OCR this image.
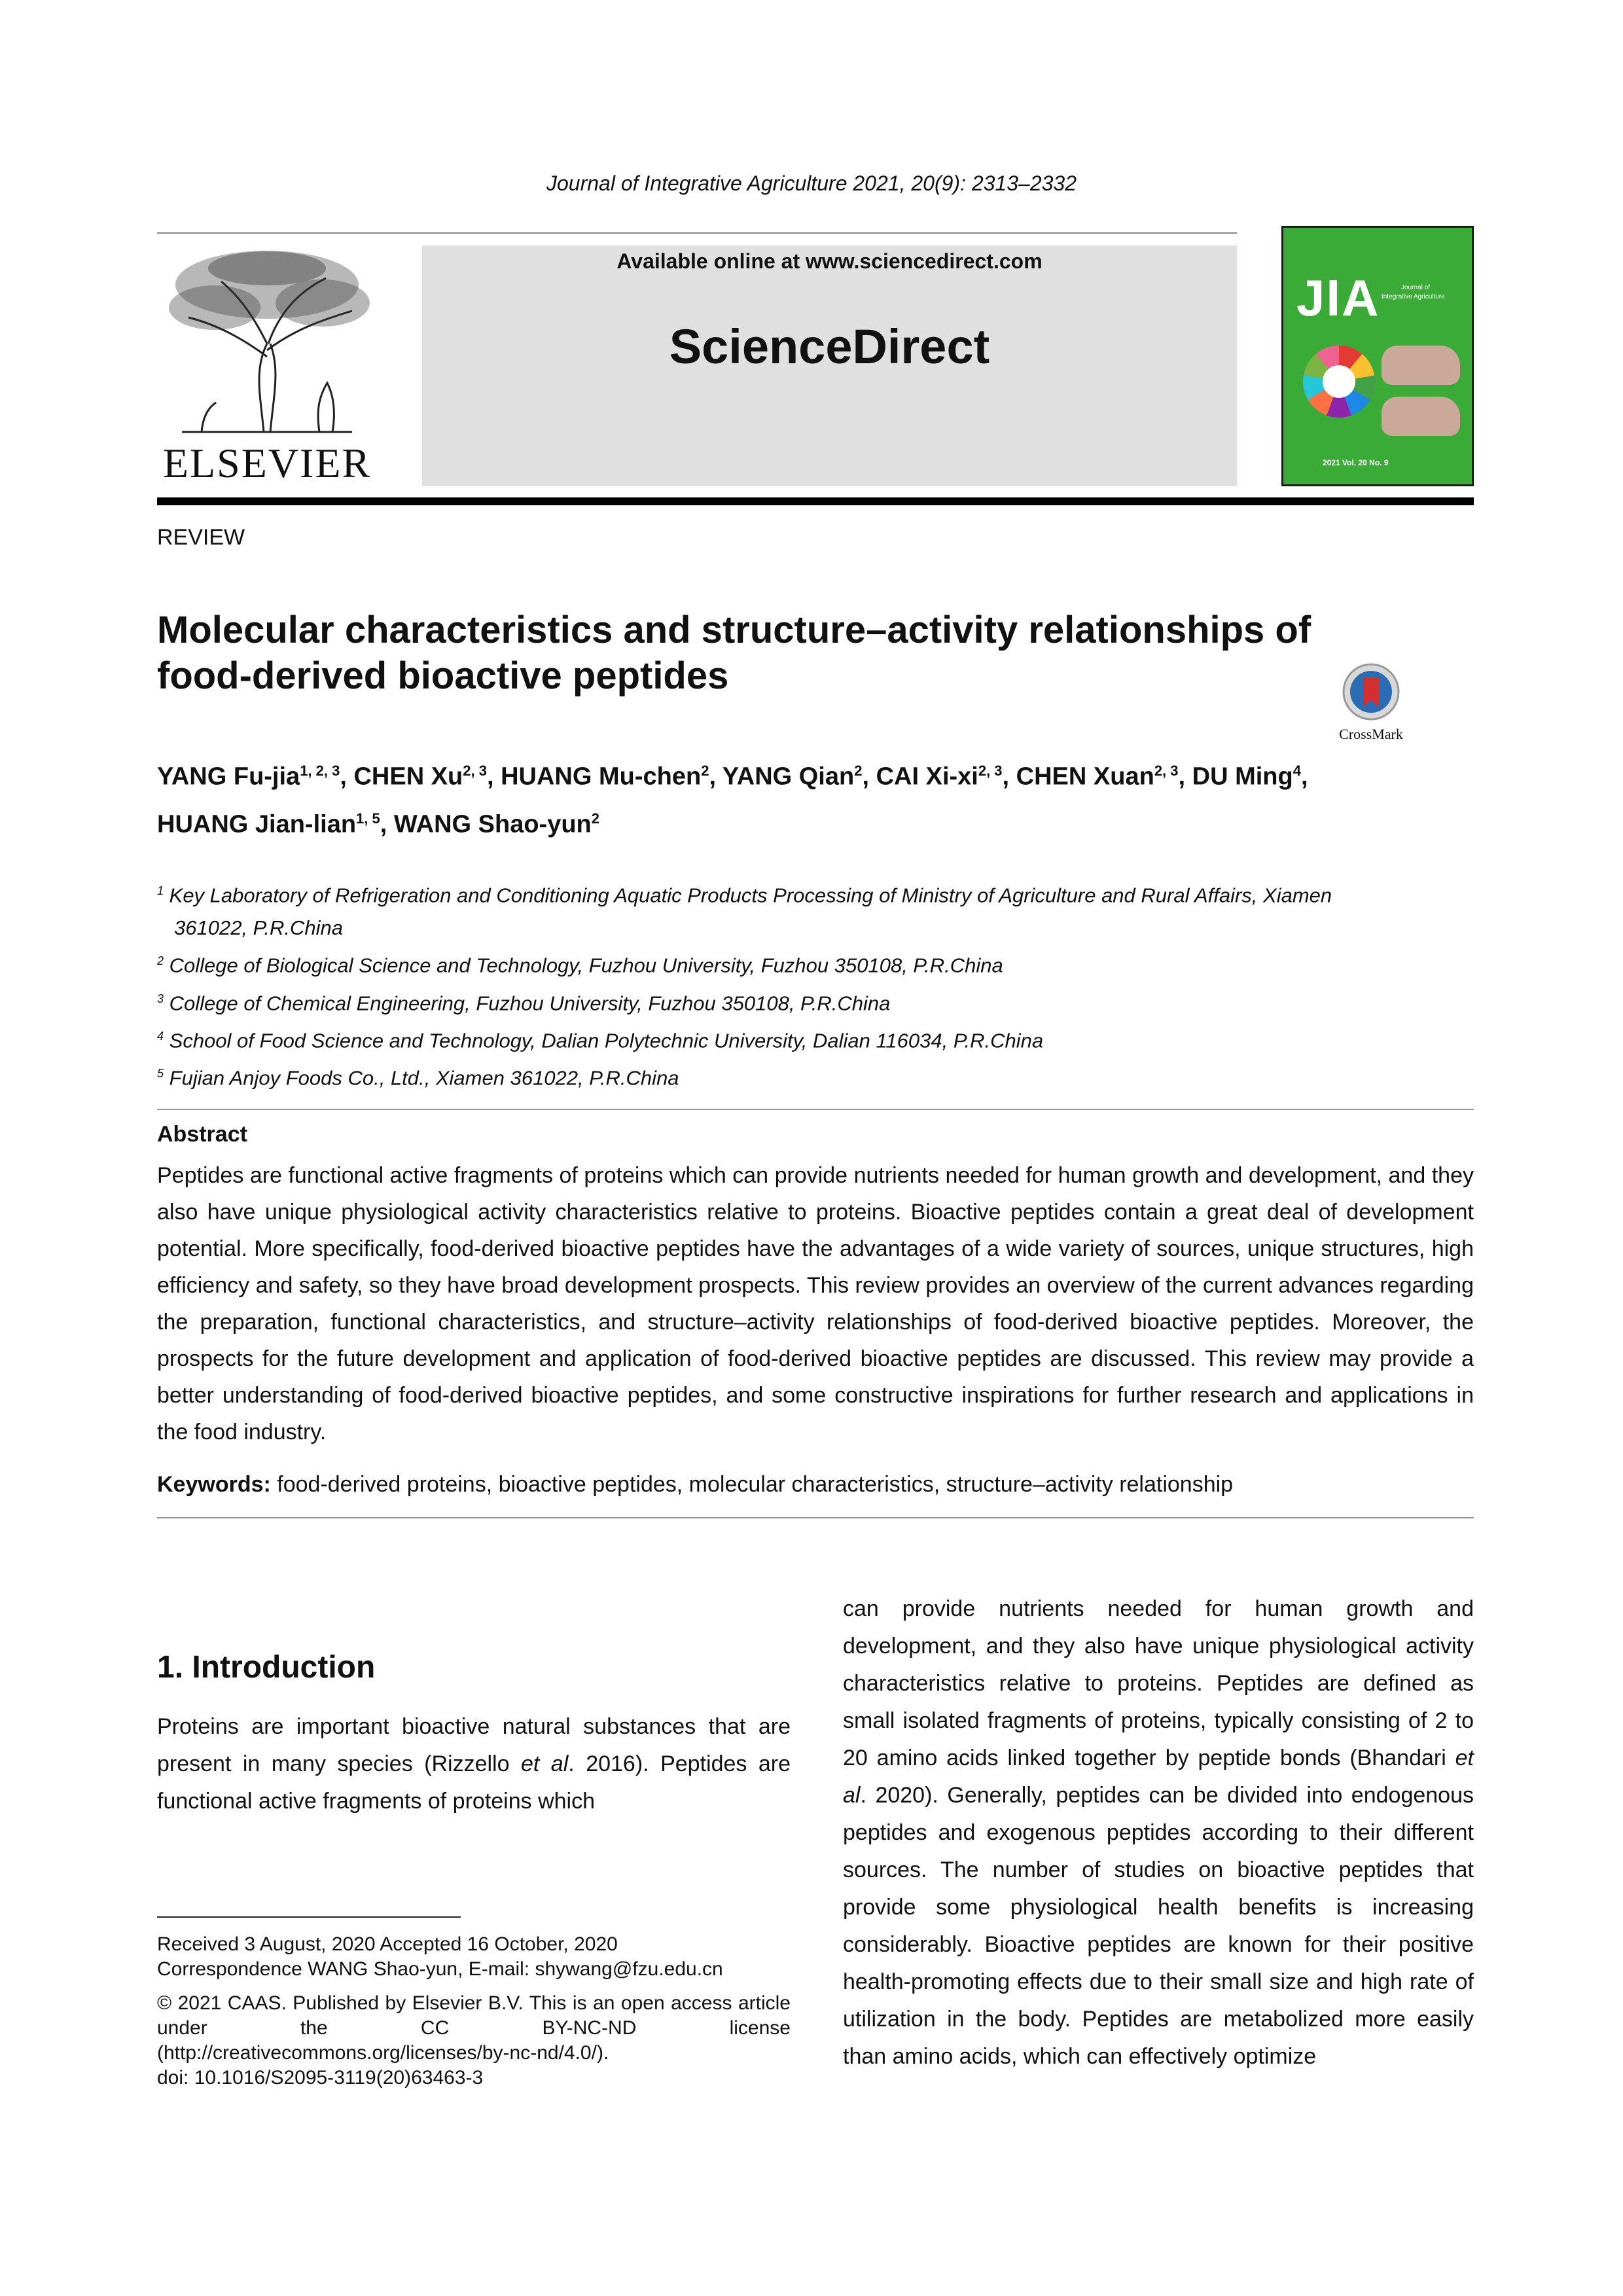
Journal of Integrative Agriculture 2021, 20(9): 2313–2332
ELSEVIER
Available online at www.sciencedirect.com
ScienceDirect
JIA	Journal of
Integrative Agriculture
2021 Vol. 20 No. 9
REVIEW
Molecular characteristics and structure–activity relationships of food-derived bioactive peptides
CrossMark
YANG Fu-jia$^{1, 2, 3}$, CHEN Xu$^{2, 3}$, HUANG Mu-chen$^2$, YANG Qian$^2$, CAI Xi-xi$^{2, 3}$, CHEN Xuan$^{2, 3}$, DU Ming$^4$,
HUANG Jian-lian$^{1, 5}$, WANG Shao-yun$^2$
$^1$ Key Laboratory of Refrigeration and Conditioning Aquatic Products Processing of Ministry of Agriculture and Rural Affairs, Xiamen
361022, P.R.China
$^2$ College of Biological Science and Technology, Fuzhou University, Fuzhou 350108, P.R.China
$^3$ College of Chemical Engineering, Fuzhou University, Fuzhou 350108, P.R.China
$^4$ School of Food Science and Technology, Dalian Polytechnic University, Dalian 116034, P.R.China
$^5$ Fujian Anjoy Foods Co., Ltd., Xiamen 361022, P.R.China
Abstract
Peptides are functional active fragments of proteins which can provide nutrients needed for human growth and development, and they also have unique physiological activity characteristics relative to proteins. Bioactive peptides contain a great deal of development potential. More specifically, food-derived bioactive peptides have the advantages of a wide variety of sources, unique structures, high efficiency and safety, so they have broad development prospects. This review provides an overview of the current advances regarding the preparation, functional characteristics, and structure–activity relationships of food-derived bioactive peptides. Moreover, the prospects for the future development and application of food-derived bioactive peptides are discussed. This review may provide a better understanding of food-derived bioactive peptides, and some constructive inspirations for further research and applications in the food industry.
Keywords: food-derived proteins, bioactive peptides, molecular characteristics, structure–activity relationship
1. Introduction
Proteins are important bioactive natural substances that are present in many species (Rizzello et al. 2016). Peptides are functional active fragments of proteins which
can provide nutrients needed for human growth and development, and they also have unique physiological activity characteristics relative to proteins. Peptides are defined as small isolated fragments of proteins, typically consisting of 2 to 20 amino acids linked together by peptide bonds (Bhandari et al. 2020). Generally, peptides can be divided into endogenous peptides and exogenous peptides according to their different sources. The number of studies on bioactive peptides that provide some physiological health benefits is increasing considerably. Bioactive peptides are known for their positive health-promoting effects due to their small size and high rate of utilization in the body. Peptides are metabolized more easily than amino acids, which can effectively optimize

Received 3 August, 2020 Accepted 16 October, 2020

Correspondence WANG Shao-yun, E-mail: shywang@fzu.edu.cn

© 2021 CAAS. Published by Elsevier B.V. This is an open access article under the CC BY-NC-ND license (http://creativecommons.org/licenses/by-nc-nd/4.0/).

doi: 10.1016/S2095-3119(20)63463-3
